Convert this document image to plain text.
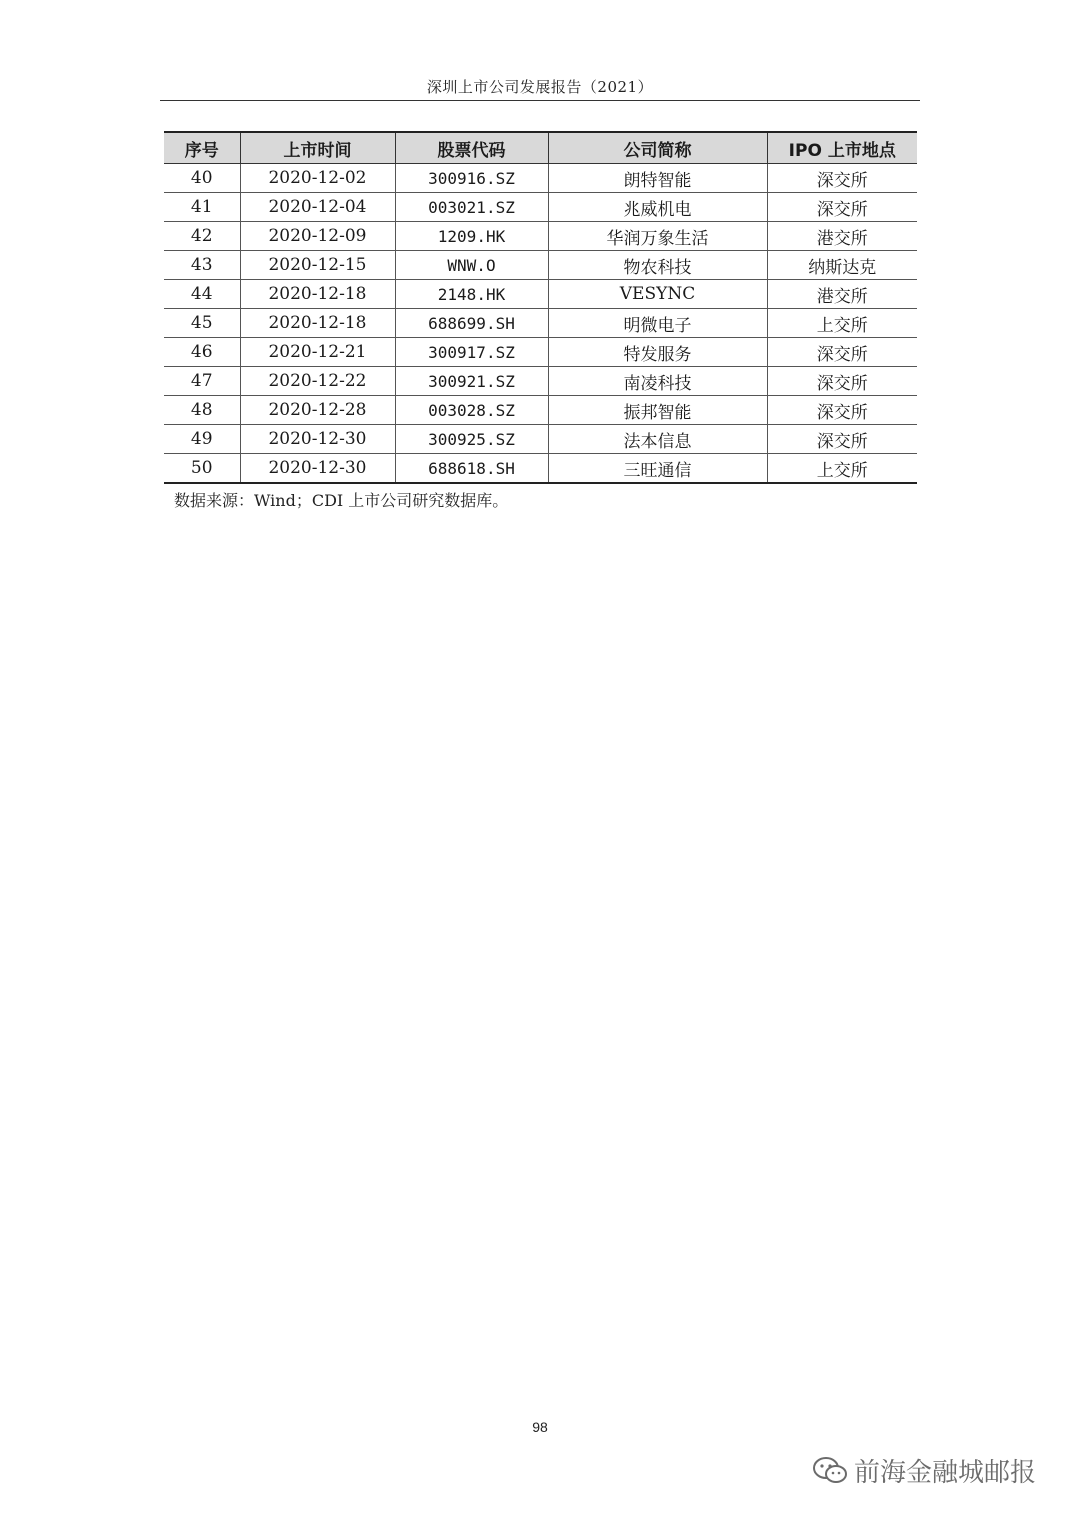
深圳上市公司发展报告（2021）
序号	上市时间	股票代码	公司简称	IPO 上市地点
40	2020-12-02	300916.SZ	朗特智能	深交所
41	2020-12-04	003021.SZ	兆威机电	深交所
42	2020-12-09	1209.HK	华润万象生活	港交所
43	2020-12-15	WNW.O	物农科技	纳斯达克
44	2020-12-18	2148.HK	VESYNC	港交所
45	2020-12-18	688699.SH	明微电子	上交所
46	2020-12-21	300917.SZ	特发服务	深交所
47	2020-12-22	300921.SZ	南凌科技	深交所
48	2020-12-28	003028.SZ	振邦智能	深交所
49	2020-12-30	300925.SZ	法本信息	深交所
50	2020-12-30	688618.SH	三旺通信	上交所
数据来源：Wind；CDI 上市公司研究数据库。
98
前海金融城邮报
